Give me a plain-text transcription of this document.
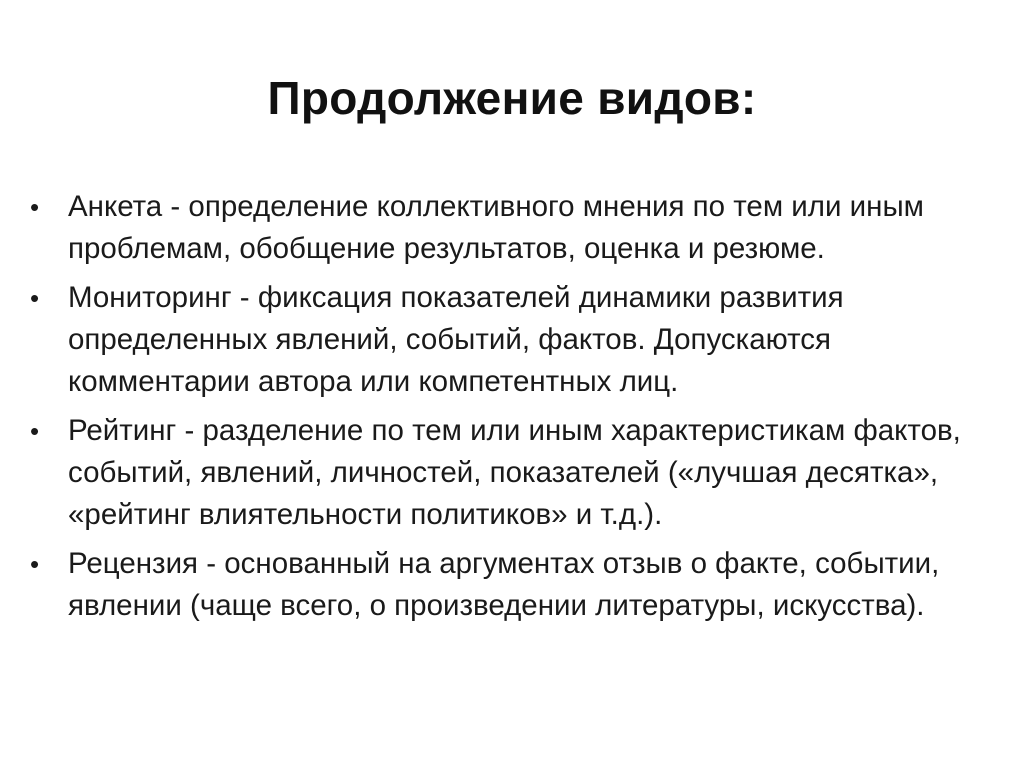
Продолжение видов:
• Анкета - определение коллективного мнения по тем или иным проблемам, обобщение результатов, оценка и резюме.
• Мониторинг - фиксация показателей динамики развития определенных явлений, событий, фактов. Допускаются комментарии автора или компетентных лиц.
• Рейтинг - разделение по тем или иным характеристикам фактов, событий, явлений, личностей, показателей («лучшая десятка», «рейтинг влиятельности политиков» и т.д.).
• Рецензия - основанный на аргументах отзыв о факте, событии, явлении (чаще всего, о произведении литературы, искусства).
